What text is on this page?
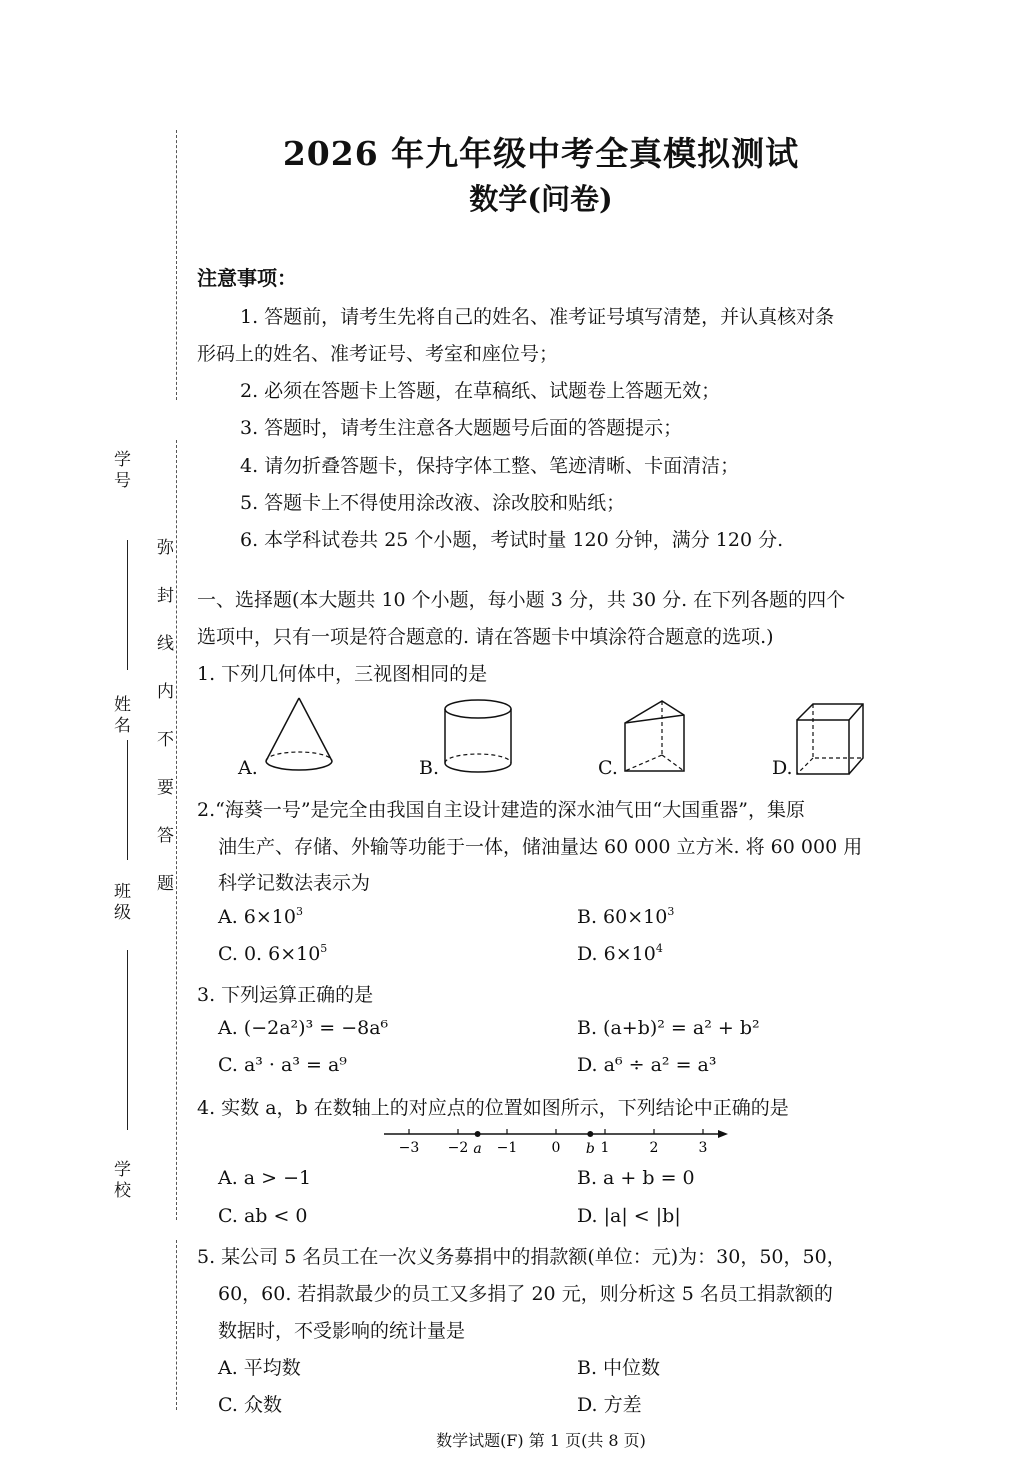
学号
姓名
班级
学校
弥封线内不要答题
2026 年九年级中考全真模拟测试
数学(问卷)
注意事项：
1. 答题前，请考生先将自己的姓名、准考证号填写清楚，并认真核对条
形码上的姓名、准考证号、考室和座位号；
2. 必须在答题卡上答题，在草稿纸、试题卷上答题无效；
3. 答题时，请考生注意各大题题号后面的答题提示；
4. 请勿折叠答题卡，保持字体工整、笔迹清晰、卡面清洁；
5. 答题卡上不得使用涂改液、涂改胶和贴纸；
6. 本学科试卷共 25 个小题，考试时量 120 分钟，满分 120 分.
一、选择题(本大题共 10 个小题，每小题 3 分，共 30 分. 在下列各题的四个
选项中，只有一项是符合题意的. 请在答题卡中填涂符合题意的选项.)
1. 下列几何体中，三视图相同的是
A.	B.	C.	D.
2.“海葵一号”是完全由我国自主设计建造的深水油气田“大国重器”，集原
油生产、存储、外输等功能于一体，储油量达 60 000 立方米. 将 60 000 用
科学记数法表示为
A. $6\times 10^3$	B. $60\times 10^3$
C. 0. $6\times 10^5$	D. $6\times 10^4$
3. 下列运算正确的是
A. (−2a²)³ = −8a⁶	B. (a+b)² = a² + b²
C. a³ · a³ = a⁹	D. a⁶ ÷ a² = a³
4. 实数 a，b 在数轴上的对应点的位置如图所示，下列结论中正确的是
−3 −2 −1 0	1	2	3
a	b
A. a > −1	B. a + b = 0
C. ab < 0	D. |a| < |b|
5. 某公司 5 名员工在一次义务募捐中的捐款额(单位：元)为：30，50，50，
60，60. 若捐款最少的员工又多捐了 20 元，则分析这 5 名员工捐款额的
数据时，不受影响的统计量是
A. 平均数	B. 中位数
C. 众数	D. 方差
数学试题(F) 第 1 页(共 8 页)
